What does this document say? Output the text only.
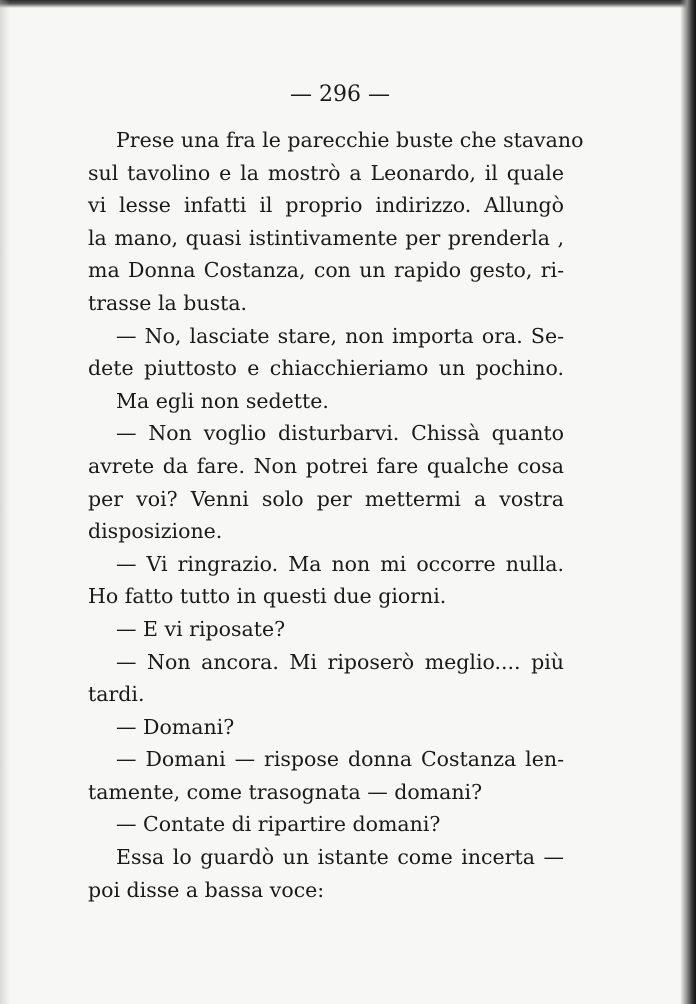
— 296 —
Prese una fra le parecchie buste che stavano
sul tavolino e la mostrò a Leonardo, il quale
vi lesse infatti il proprio indirizzo. Allungò
la mano, quasi istintivamente per prenderla ,
ma Donna Costanza, con un rapido gesto, ri-
trasse la busta.
— No, lasciate stare, non importa ora. Se-
dete piuttosto e chiacchieriamo un pochino.
Ma egli non sedette.
— Non voglio disturbarvi. Chissà quanto
avrete da fare. Non potrei fare qualche cosa
per voi? Venni solo per mettermi a vostra
disposizione.
— Vi ringrazio. Ma non mi occorre nulla.
Ho fatto tutto in questi due giorni.
— E vi riposate?
— Non ancora. Mi riposerò meglio.... più
tardi.
— Domani?
— Domani — rispose donna Costanza len-
tamente, come trasognata — domani?
— Contate di ripartire domani?
Essa lo guardò un istante come incerta —
poi disse a bassa voce:
